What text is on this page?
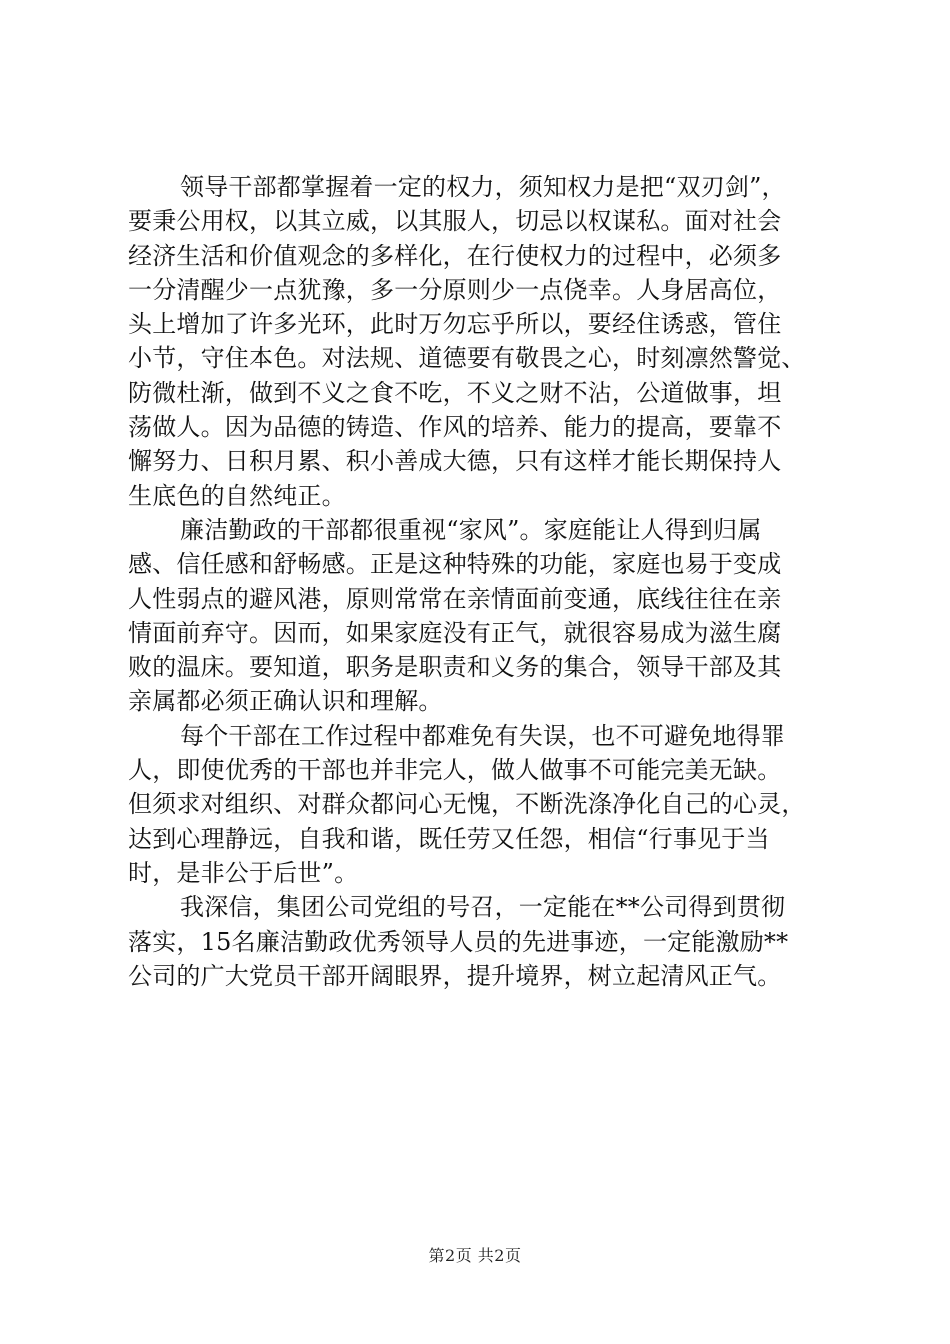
领导干部都掌握着一定的权力，须知权力是把“双刃剑”，
要秉公用权，以其立威，以其服人，切忌以权谋私。面对社会
经济生活和价值观念的多样化，在行使权力的过程中，必须多
一分清醒少一点犹豫，多一分原则少一点侥幸。人身居高位，
头上增加了许多光环，此时万勿忘乎所以，要经住诱惑，管住
小节，守住本色。对法规、道德要有敬畏之心，时刻凛然警觉、
防微杜渐，做到不义之食不吃，不义之财不沾，公道做事，坦
荡做人。因为品德的铸造、作风的培养、能力的提高，要靠不
懈努力、日积月累、积小善成大德，只有这样才能长期保持人
生底色的自然纯正。
廉洁勤政的干部都很重视“家风”。家庭能让人得到归属
感、信任感和舒畅感。正是这种特殊的功能，家庭也易于变成
人性弱点的避风港，原则常常在亲情面前变通，底线往往在亲
情面前弃守。因而，如果家庭没有正气，就很容易成为滋生腐
败的温床。要知道，职务是职责和义务的集合，领导干部及其
亲属都必须正确认识和理解。
每个干部在工作过程中都难免有失误，也不可避免地得罪
人，即使优秀的干部也并非完人，做人做事不可能完美无缺。
但须求对组织、对群众都问心无愧，不断洗涤净化自己的心灵，
达到心理静远，自我和谐，既任劳又任怨，相信“行事见于当
时，是非公于后世”。
我深信，集团公司党组的号召，一定能在**公司得到贯彻
落实，15名廉洁勤政优秀领导人员的先进事迹，一定能激励**
公司的广大党员干部开阔眼界，提升境界，树立起清风正气。
第2页 共2页
